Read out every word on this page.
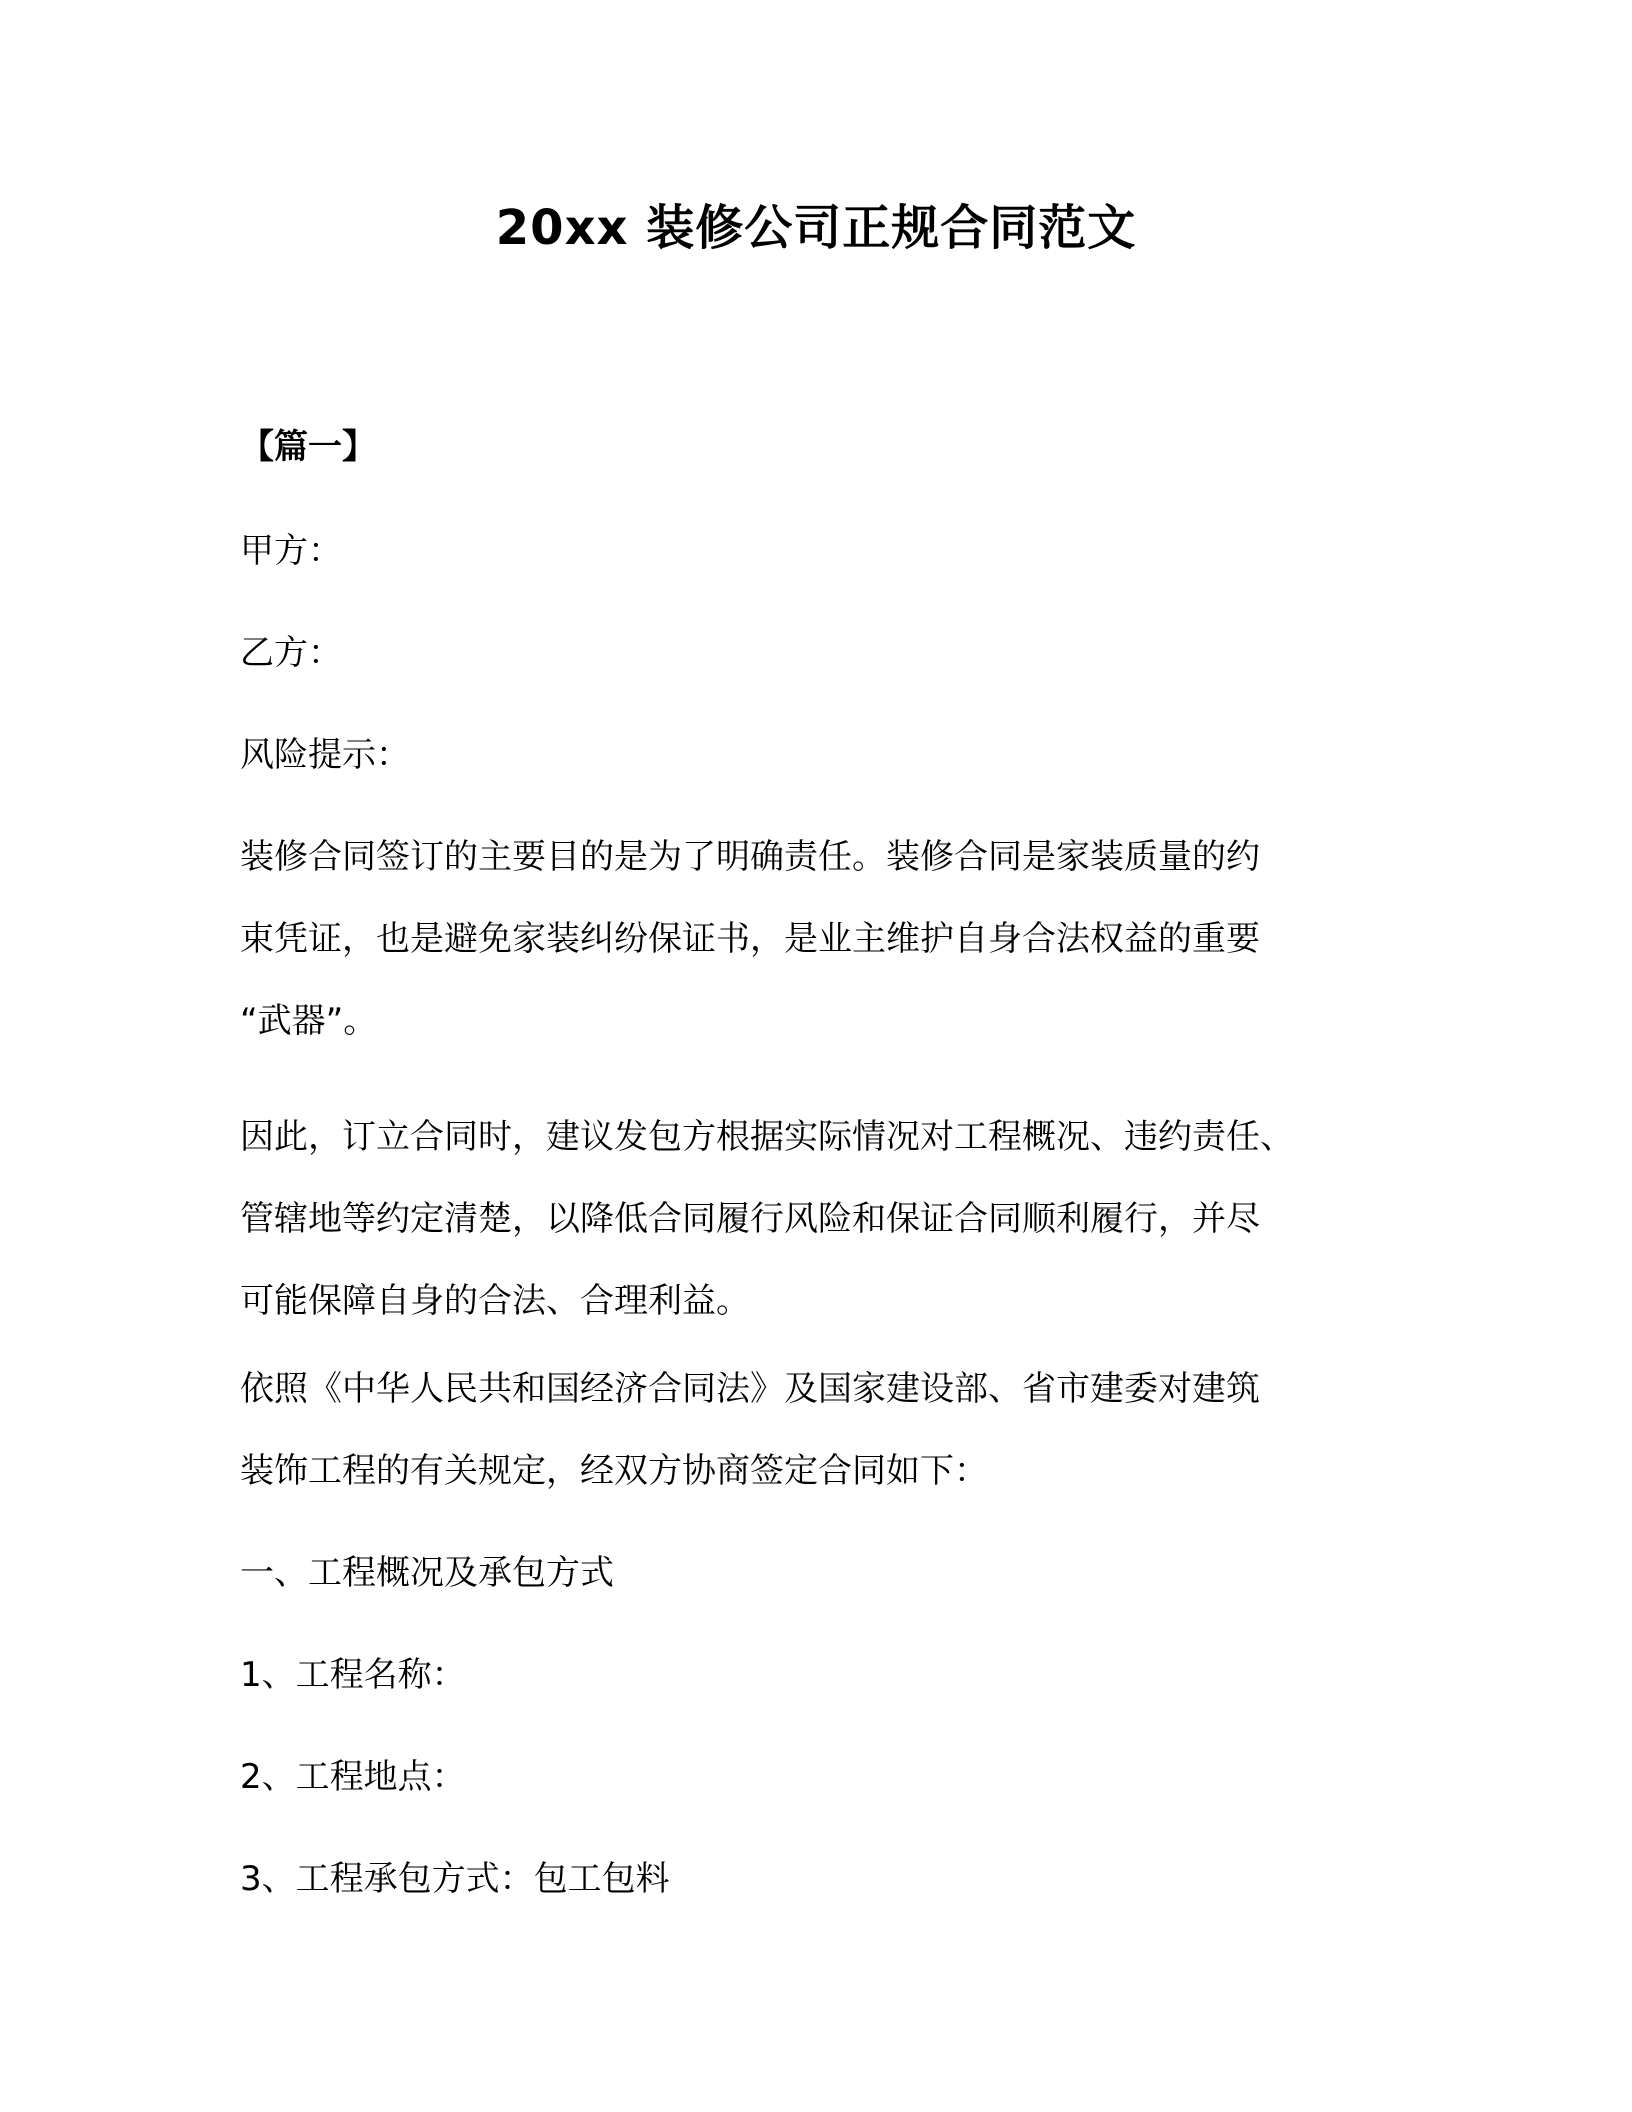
20xx 装修公司正规合同范文
【篇一】
甲方：
乙方：
风险提示：
装修合同签订的主要目的是为了明确责任。装修合同是家装质量的约
束凭证，也是避免家装纠纷保证书，是业主维护自身合法权益的重要
“武器”。
因此，订立合同时，建议发包方根据实际情况对工程概况、违约责任、
管辖地等约定清楚，以降低合同履行风险和保证合同顺利履行，并尽
可能保障自身的合法、合理利益。
依照《中华人民共和国经济合同法》及国家建设部、省市建委对建筑
装饰工程的有关规定，经双方协商签定合同如下：
一、工程概况及承包方式
1、工程名称：
2、工程地点：
3、工程承包方式：包工包料
